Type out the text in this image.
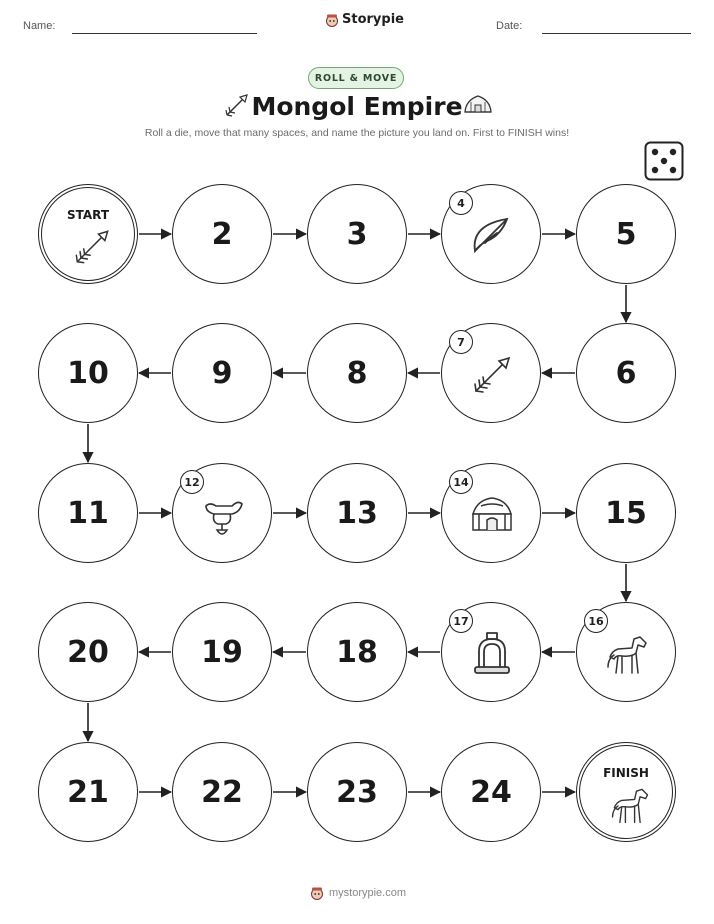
Name:	Storypie	Date:
ROLL & MOVE
Mongol Empire
Roll a die, move that many spaces, and name the picture you land on. First to FINISH wins!
START
2	3
4
5
6
7
8
9
10
11
12
13
14
15
16
17
18
19
20
21	22	23	24
FINISH
mystorypie.com
